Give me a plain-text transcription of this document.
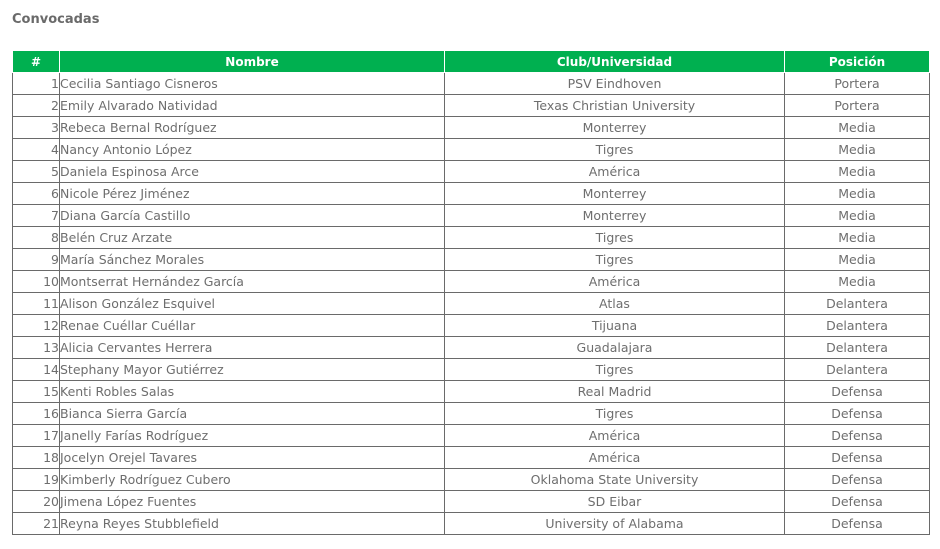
Convocadas
#	Nombre	Club/Universidad	Posición
1	Cecilia Santiago Cisneros	PSV Eindhoven	Portera
2	Emily Alvarado Natividad	Texas Christian University	Portera
3	Rebeca Bernal Rodríguez	Monterrey	Media
4	Nancy Antonio López	Tigres	Media
5	Daniela Espinosa Arce	América	Media
6	Nicole Pérez Jiménez	Monterrey	Media
7	Diana García Castillo	Monterrey	Media
8	Belén Cruz Arzate	Tigres	Media
9	María Sánchez Morales	Tigres	Media
10	Montserrat Hernández García	América	Media
11	Alison González Esquivel	Atlas	Delantera
12	Renae Cuéllar Cuéllar	Tijuana	Delantera
13	Alicia Cervantes Herrera	Guadalajara	Delantera
14	Stephany Mayor Gutiérrez	Tigres	Delantera
15	Kenti Robles Salas	Real Madrid	Defensa
16	Bianca Sierra García	Tigres	Defensa
17	Janelly Farías Rodríguez	América	Defensa
18	Jocelyn Orejel Tavares	América	Defensa
19	Kimberly Rodríguez Cubero	Oklahoma State University	Defensa
20	Jimena López Fuentes	SD Eibar	Defensa
21	Reyna Reyes Stubblefield	University of Alabama	Defensa
